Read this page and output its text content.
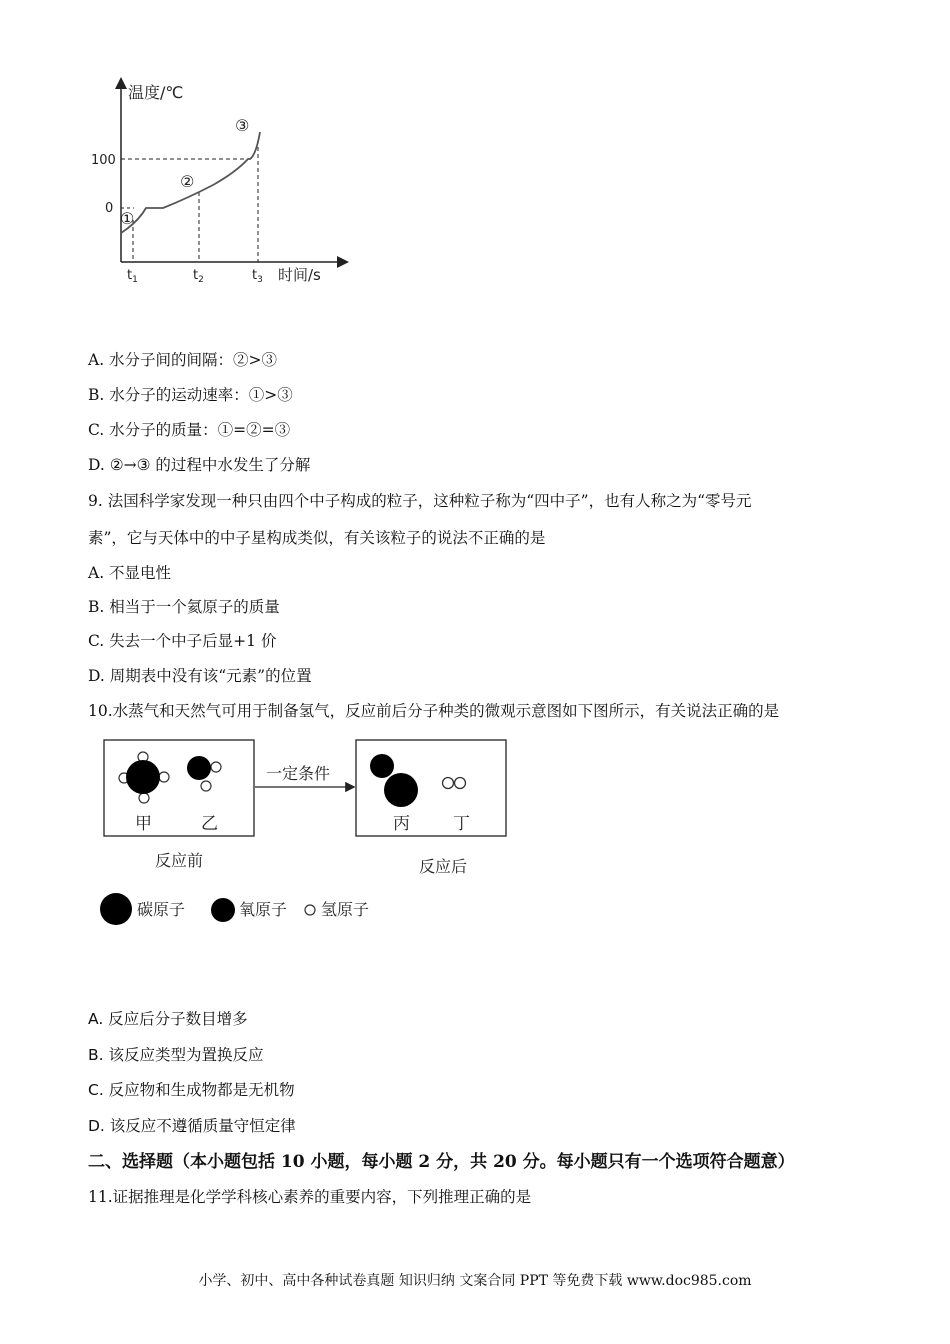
温度/℃
时间/s
100
0
$t_1$	$t_2$	$t_3$
①
②
③
A. 水分子间的间隔：②>③
B. 水分子的运动速率：①>③
C. 水分子的质量：①=②=③
D. ②→③ 的过程中水发生了分解
9. 法国科学家发现一种只由四个中子构成的粒子，这种粒子称为“四中子”，也有人称之为“零号元
素”，它与天体中的中子星构成类似，有关该粒子的说法不正确的是
A. 不显电性
B. 相当于一个氦原子的质量
C. 失去一个中子后显+1 价
D. 周期表中没有该“元素”的位置
10.水蒸气和天然气可用于制备氢气，反应前后分子种类的微观示意图如下图所示，有关说法正确的是
甲	乙
一定条件
丙	丁
反应前	反应后
碳原子	氧原子 氢原子
A. 反应后分子数目增多
B. 该反应类型为置换反应
C. 反应物和生成物都是无机物
D. 该反应不遵循质量守恒定律
二、选择题（本小题包括 10 小题，每小题 2 分，共 20 分。每小题只有一个选项符合题意）
11.证据推理是化学学科核心素养的重要内容，下列推理正确的是
小学、初中、高中各种试卷真题 知识归纳 文案合同 PPT 等免费下载 www.doc985.com
